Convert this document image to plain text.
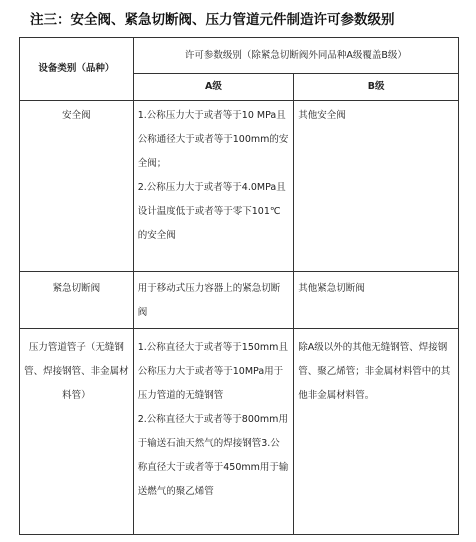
注三：安全阀、紧急切断阀、压力管道元件制造许可参数级别
设备类别（品种）	许可参数级别（除紧急切断阀外同品种A级覆盖B级）	
	A级	B级

安全阀	1.公称压力大于或者等于10 MPa且公称通径大于或者等于100mm的安全阀；
2.公称压力大于或者等于4.0MPa且设计温度低于或者等于零下101℃的安全阀	其他安全阀

紧急切断阀	用于移动式压力容器上的紧急切断阀	其他紧急切断阀

压力管道管子（无缝钢管、焊接钢管、非金属材料管）	1.公称直径大于或者等于150mm且公称压力大于或者等于10MPa用于压力管道的无缝钢管
2.公称直径大于或者等于800mm用于输送石油天然气的焊接钢管3.公称直径大于或者等于450mm用于输送燃气的聚乙烯管	除A级以外的其他无缝钢管、焊接钢管、聚乙烯管；非金属材料管中的其他非金属材料管。
